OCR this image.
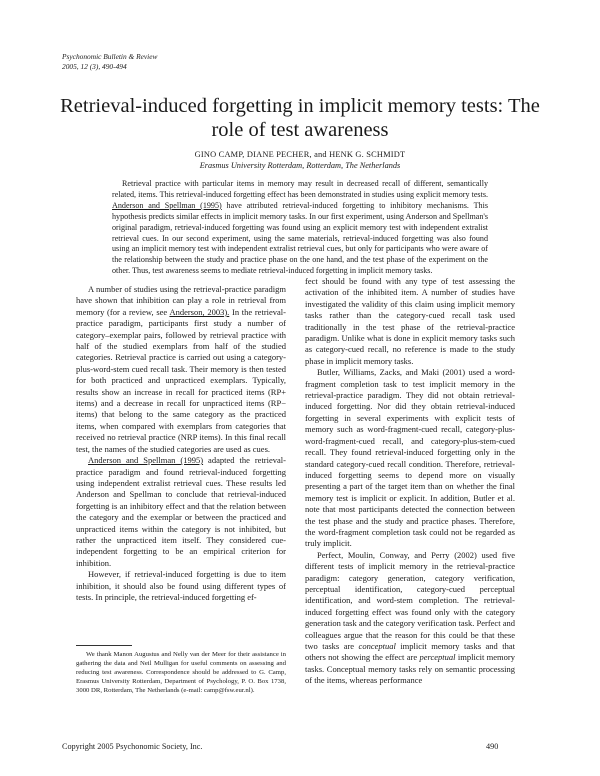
Psychonomic Bulletin & Review
2005, 12 (3), 490-494
Retrieval-induced forgetting in implicit memory tests: The role of test awareness
GINO CAMP, DIANE PECHER, and HENK G. SCHMIDT
Erasmus University Rotterdam, Rotterdam, The Netherlands

Retrieval practice with particular items in memory may result in decreased recall of different, semantically related, items. This retrieval-induced forgetting effect has been demonstrated in studies using explicit memory tests. Anderson and Spellman (1995) have attributed retrieval-induced forgetting to inhibitory mechanisms. This hypothesis predicts similar effects in implicit memory tasks. In our first experiment, using Anderson and Spellman's original paradigm, retrieval-induced forgetting was found using an explicit memory test with independent extralist retrieval cues. In our second experiment, using the same materials, retrieval-induced forgetting was also found using an implicit memory test with independent extralist retrieval cues, but only for participants who were aware of the relationship between the study and practice phase on the one hand, and the test phase of the experiment on the other. Thus, test awareness seems to mediate retrieval-induced forgetting in implicit memory tasks.

A number of studies using the retrieval-practice paradigm have shown that inhibition can play a role in retrieval from memory (for a review, see Anderson, 2003). In the retrieval-practice paradigm, participants first study a number of category–exemplar pairs, followed by retrieval practice with half of the studied exemplars from half of the studied categories. Retrieval practice is carried out using a category-plus-word-stem cued recall task. Their memory is then tested for both practiced and unpracticed exemplars. Typically, results show an increase in recall for practiced items (RP+ items) and a decrease in recall for unpracticed items (RP− items) that belong to the same category as the practiced items, when compared with exemplars from categories that received no retrieval practice (NRP items). In this final recall test, the names of the studied categories are used as cues.

Anderson and Spellman (1995) adapted the retrieval-practice paradigm and found retrieval-induced forgetting using independent extralist retrieval cues. These results led Anderson and Spellman to conclude that retrieval-induced forgetting is an inhibitory effect and that the relation between the category and the exemplar or between the practiced and unpracticed items within the category is not inhibited, but rather the unpracticed item itself. They considered cue-independent forgetting to be an empirical criterion for inhibition.

However, if retrieval-induced forgetting is due to item inhibition, it should also be found using different types of tests. In principle, the retrieval-induced forgetting ef-

fect should be found with any type of test assessing the activation of the inhibited item. A number of studies have investigated the validity of this claim using implicit memory tasks rather than the category-cued recall task used traditionally in the test phase of the retrieval-practice paradigm. Unlike what is done in explicit memory tasks such as category-cued recall, no reference is made to the study phase in implicit memory tasks.

Butler, Williams, Zacks, and Maki (2001) used a word-fragment completion task to test implicit memory in the retrieval-practice paradigm. They did not obtain retrieval-induced forgetting. Nor did they obtain retrieval-induced forgetting in several experiments with explicit tests of memory such as word-fragment-cued recall, category-plus-word-fragment-cued recall, and category-plus-stem-cued recall. They found retrieval-induced forgetting only in the standard category-cued recall condition. Therefore, retrieval-induced forgetting seems to depend more on visually presenting a part of the target item than on whether the final memory test is implicit or explicit. In addition, Butler et al. note that most participants detected the connection between the test phase and the study and practice phases. Therefore, the word-fragment completion task could not be regarded as truly implicit.

Perfect, Moulin, Conway, and Perry (2002) used five different tests of implicit memory in the retrieval-practice paradigm: category generation, category verification, perceptual identification, category-cued perceptual identification, and word-stem completion. The retrieval-induced forgetting effect was found only with the category generation task and the category verification task. Perfect and colleagues argue that the reason for this could be that these two tasks are conceptual implicit memory tasks and that others not showing the effect are perceptual implicit memory tasks. Conceptual memory tasks rely on semantic processing of the items, whereas performance

We thank Manon Augustus and Nelly van der Meer for their assistance in gathering the data and Neil Mulligan for useful comments on assessing and reducing test awareness. Correspondence should be addressed to G. Camp, Erasmus University Rotterdam, Department of Psychology, P. O. Box 1738, 3000 DR, Rotterdam, The Netherlands (e-mail: camp@fsw.eur.nl).

Copyright 2005 Psychonomic Society, Inc.	490
